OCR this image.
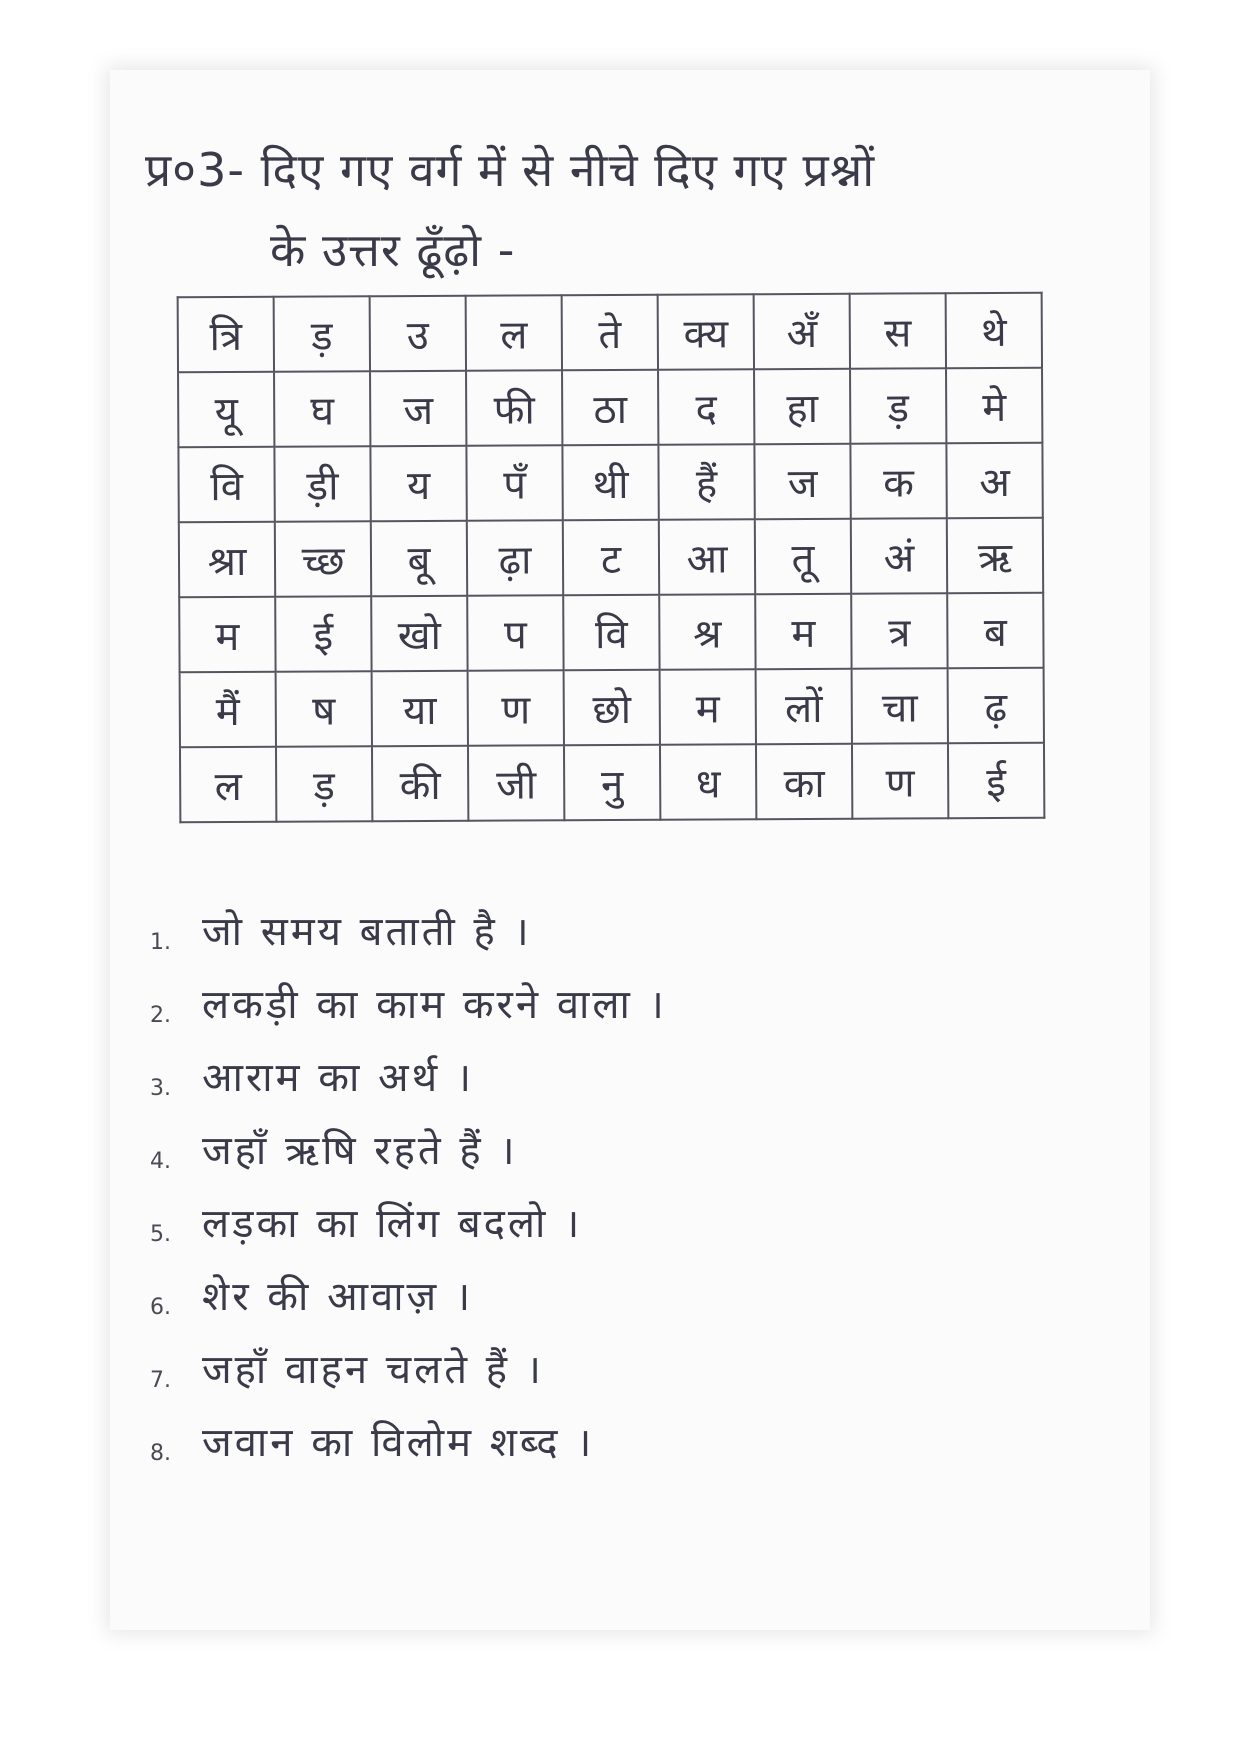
प्र०3- दिए गए वर्ग में से नीचे दिए गए प्रश्नों
के उत्तर ढूँढ़ो -
त्रि	ड़	उ	ल	ते	क्य	अँ	स	थे
यू	घ	ज	फी	ठा	द	हा	ड़	मे
वि	ड़ी	य	पँ	थी	हैं	ज	क	अ
श्रा	च्छ	बू	ढ़ा	ट	आ	तू	अं	ऋ
म	ई	खो	प	वि	श्र	म	त्र	ब
मैं	ष	या	ण	छो	म	लों	चा	ढ़
ल	ड़	की	जी	नु	ध	का	ण	ई
1. जो समय बताती है ।
2. लकड़ी का काम करने वाला ।
3. आराम का अर्थ ।
4. जहाँ ऋषि रहते हैं ।
5. लड़का का लिंग बदलो ।
6. शेर की आवाज़ ।
7. जहाँ वाहन चलते हैं ।
8. जवान का विलोम शब्द ।
